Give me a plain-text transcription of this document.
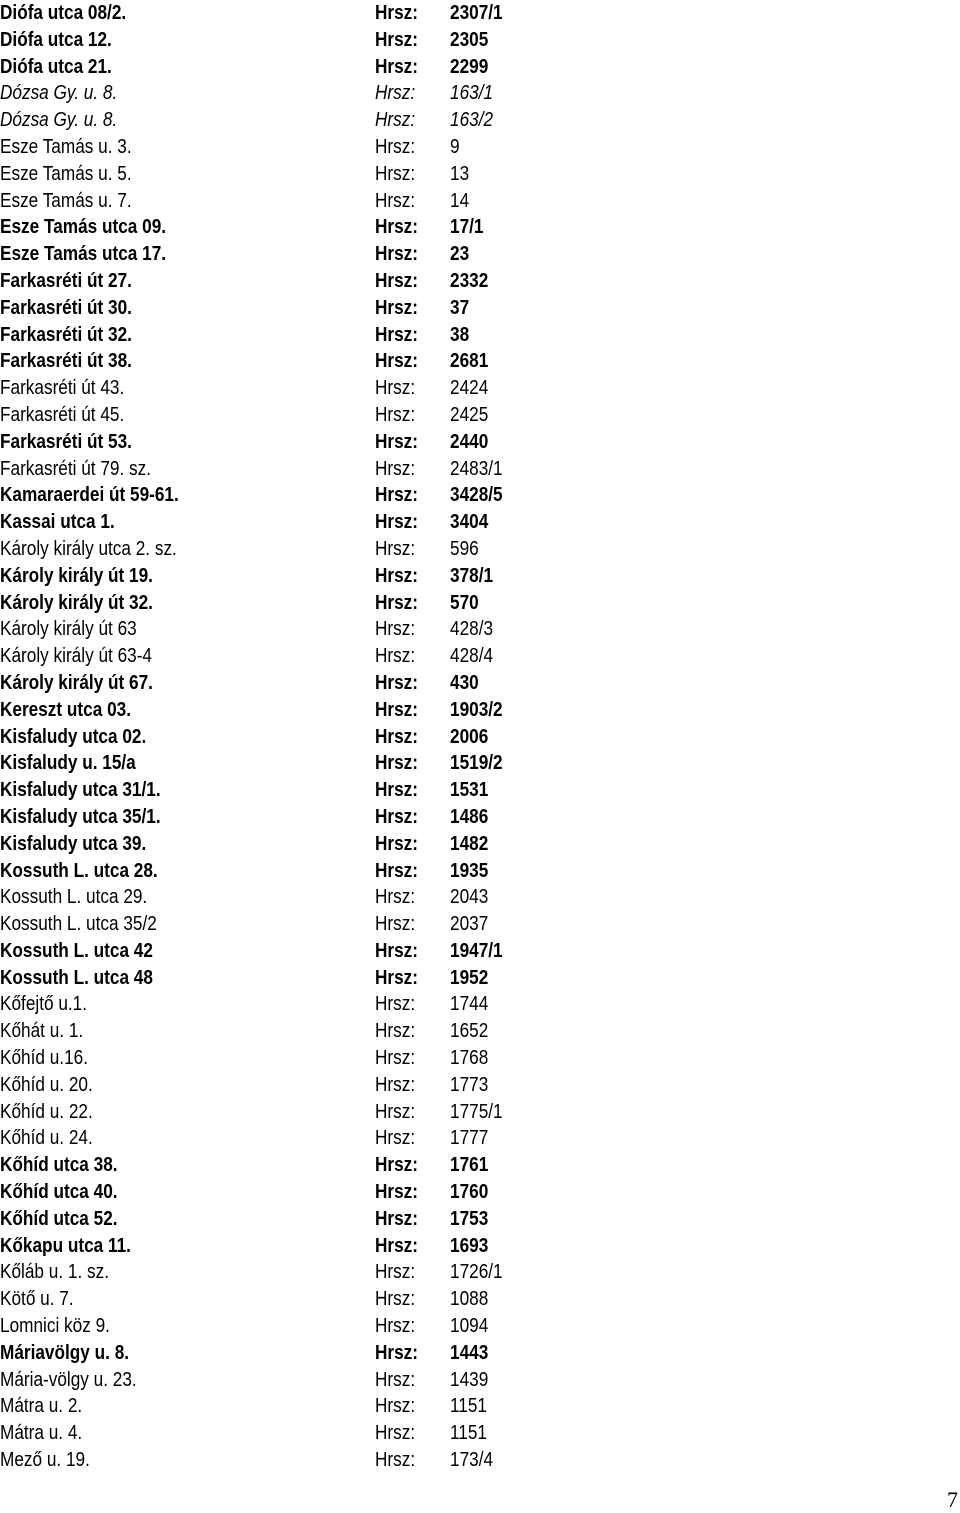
Diófa utca 08/2.	Hrsz: 2307/1
Diófa utca 12.	Hrsz: 2305
Diófa utca 21.	Hrsz: 2299
Dózsa Gy. u. 8.	Hrsz: 163/1
Dózsa Gy. u. 8.	Hrsz: 163/2
Esze Tamás u. 3.	Hrsz: 9
Esze Tamás u. 5.	Hrsz: 13
Esze Tamás u. 7.	Hrsz: 14
Esze Tamás utca 09.	Hrsz: 17/1
Esze Tamás utca 17.	Hrsz: 23
Farkasréti út 27.	Hrsz: 2332
Farkasréti út 30.	Hrsz: 37
Farkasréti út 32.	Hrsz: 38
Farkasréti út 38.	Hrsz: 2681
Farkasréti út 43.	Hrsz: 2424
Farkasréti út 45.	Hrsz: 2425
Farkasréti út 53.	Hrsz: 2440
Farkasréti út 79. sz.	Hrsz: 2483/1
Kamaraerdei út 59-61.	Hrsz: 3428/5
Kassai utca 1.	Hrsz: 3404
Károly király utca 2. sz.	Hrsz: 596
Károly király út 19.	Hrsz: 378/1
Károly király út 32.	Hrsz: 570
Károly király út 63	Hrsz: 428/3
Károly király út 63-4	Hrsz: 428/4
Károly király út 67.	Hrsz: 430
Kereszt utca 03.	Hrsz: 1903/2
Kisfaludy utca 02.	Hrsz: 2006
Kisfaludy u. 15/a	Hrsz: 1519/2
Kisfaludy utca 31/1.	Hrsz: 1531
Kisfaludy utca 35/1.	Hrsz: 1486
Kisfaludy utca 39.	Hrsz: 1482
Kossuth L. utca 28.	Hrsz: 1935
Kossuth L. utca 29.	Hrsz: 2043
Kossuth L. utca 35/2	Hrsz: 2037
Kossuth L. utca 42	Hrsz: 1947/1
Kossuth L. utca 48	Hrsz: 1952
Kőfejtő u.1.	Hrsz: 1744
Kőhát u. 1.	Hrsz: 1652
Kőhíd u.16.	Hrsz: 1768
Kőhíd u. 20.	Hrsz: 1773
Kőhíd u. 22.	Hrsz: 1775/1
Kőhíd u. 24.	Hrsz: 1777
Kőhíd utca 38.	Hrsz: 1761
Kőhíd utca 40.	Hrsz: 1760
Kőhíd utca 52.	Hrsz: 1753
Kőkapu utca 11.	Hrsz: 1693
Kőláb u. 1. sz.	Hrsz: 1726/1
Kötő u. 7.	Hrsz: 1088
Lomnici köz 9.	Hrsz: 1094
Máriavölgy u. 8.	Hrsz: 1443
Mária-völgy u. 23.	Hrsz: 1439
Mátra u. 2.	Hrsz: 1151
Mátra u. 4.	Hrsz: 1151
Mező u. 19.	Hrsz: 173/4
7
